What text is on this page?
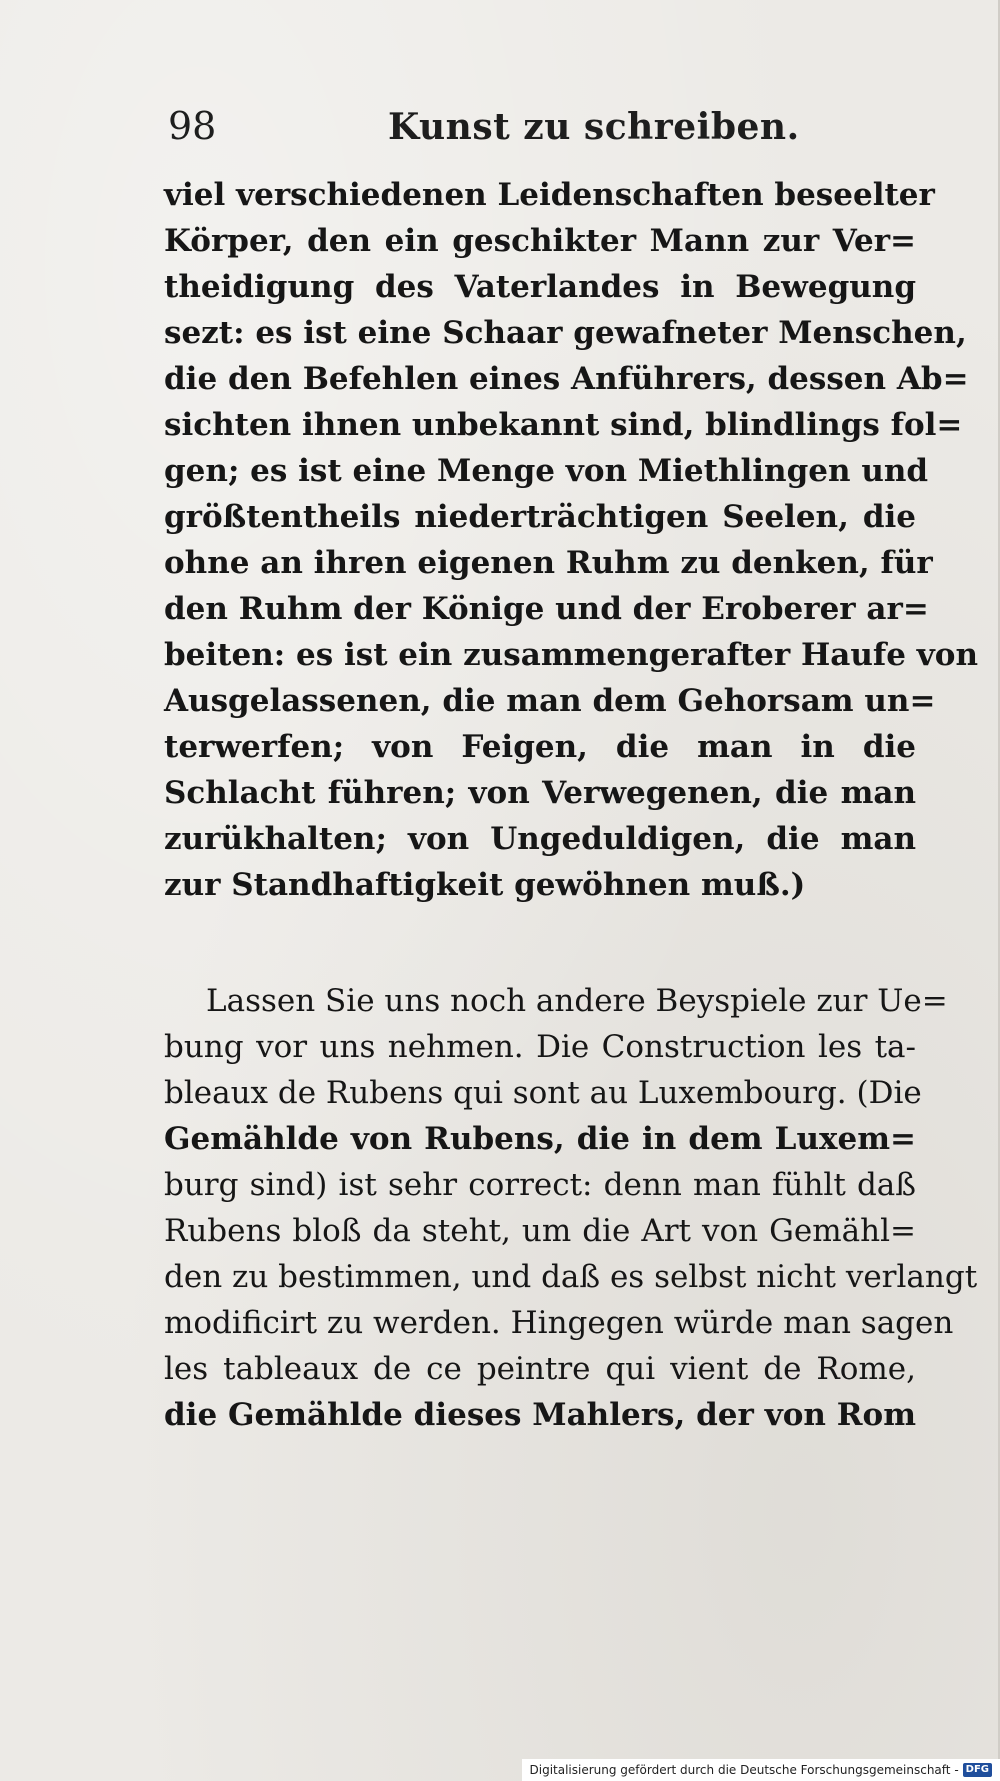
98	Kunst zu schreiben.
viel verschiedenen Leidenschaften beseelter
Körper, den ein geschikter Mann zur Ver=
theidigung des Vaterlandes in Bewegung
sezt: es ist eine Schaar gewafneter Menschen,
die den Befehlen eines Anführers, dessen Ab=
sichten ihnen unbekannt sind, blindlings fol=
gen; es ist eine Menge von Miethlingen und
größtentheils niederträchtigen Seelen, die
ohne an ihren eigenen Ruhm zu denken, für
den Ruhm der Könige und der Eroberer ar=
beiten: es ist ein zusammengerafter Haufe von
Ausgelassenen, die man dem Gehorsam un=
terwerfen; von Feigen, die man in die
Schlacht führen; von Verwegenen, die man
zurükhalten; von Ungeduldigen, die man
zur Standhaftigkeit gewöhnen muß.)
Lassen Sie uns noch andere Beyspiele zur Ue=
bung vor uns nehmen. Die Construction les ta-
bleaux de Rubens qui sont au Luxembourg. (Die
Gemählde von Rubens, die in dem Luxem=
burg sind) ist sehr correct: denn man fühlt daß
Rubens bloß da steht, um die Art von Gemähl=
den zu bestimmen, und daß es selbst nicht verlangt
modificirt zu werden. Hingegen würde man sagen
les tableaux de ce peintre qui vient de Rome,
die Gemählde dieses Mahlers, der von Rom
Digitalisierung gefördert durch die Deutsche Forschungsgemeinschaft - DFG
